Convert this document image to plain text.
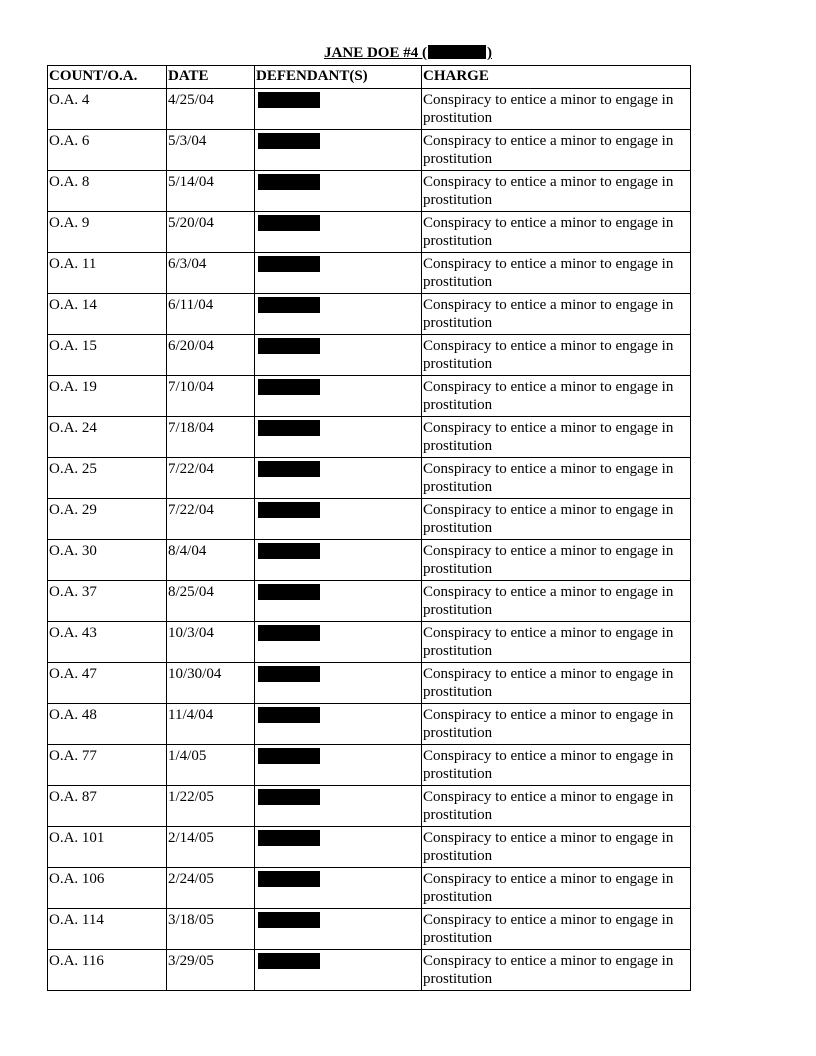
JANE DOE #4 (	)
COUNT/O.A.	DATE	DEFENDANT(S)	CHARGE
O.A. 4	4/25/04		Conspiracy to entice a minor to engage in prostitution
O.A. 6	5/3/04		Conspiracy to entice a minor to engage in prostitution
O.A. 8	5/14/04		Conspiracy to entice a minor to engage in prostitution
O.A. 9	5/20/04		Conspiracy to entice a minor to engage in prostitution
O.A. 11	6/3/04		Conspiracy to entice a minor to engage in prostitution
O.A. 14	6/11/04		Conspiracy to entice a minor to engage in prostitution
O.A. 15	6/20/04		Conspiracy to entice a minor to engage in prostitution
O.A. 19	7/10/04		Conspiracy to entice a minor to engage in prostitution
O.A. 24	7/18/04		Conspiracy to entice a minor to engage in prostitution
O.A. 25	7/22/04		Conspiracy to entice a minor to engage in prostitution
O.A. 29	7/22/04		Conspiracy to entice a minor to engage in prostitution
O.A. 30	8/4/04		Conspiracy to entice a minor to engage in prostitution
O.A. 37	8/25/04		Conspiracy to entice a minor to engage in prostitution
O.A. 43	10/3/04		Conspiracy to entice a minor to engage in prostitution
O.A. 47	10/30/04		Conspiracy to entice a minor to engage in prostitution
O.A. 48	11/4/04		Conspiracy to entice a minor to engage in prostitution
O.A. 77	1/4/05		Conspiracy to entice a minor to engage in prostitution
O.A. 87	1/22/05		Conspiracy to entice a minor to engage in prostitution
O.A. 101	2/14/05		Conspiracy to entice a minor to engage in prostitution
O.A. 106	2/24/05		Conspiracy to entice a minor to engage in prostitution
O.A. 114	3/18/05		Conspiracy to entice a minor to engage in prostitution
O.A. 116	3/29/05		Conspiracy to entice a minor to engage in prostitution
